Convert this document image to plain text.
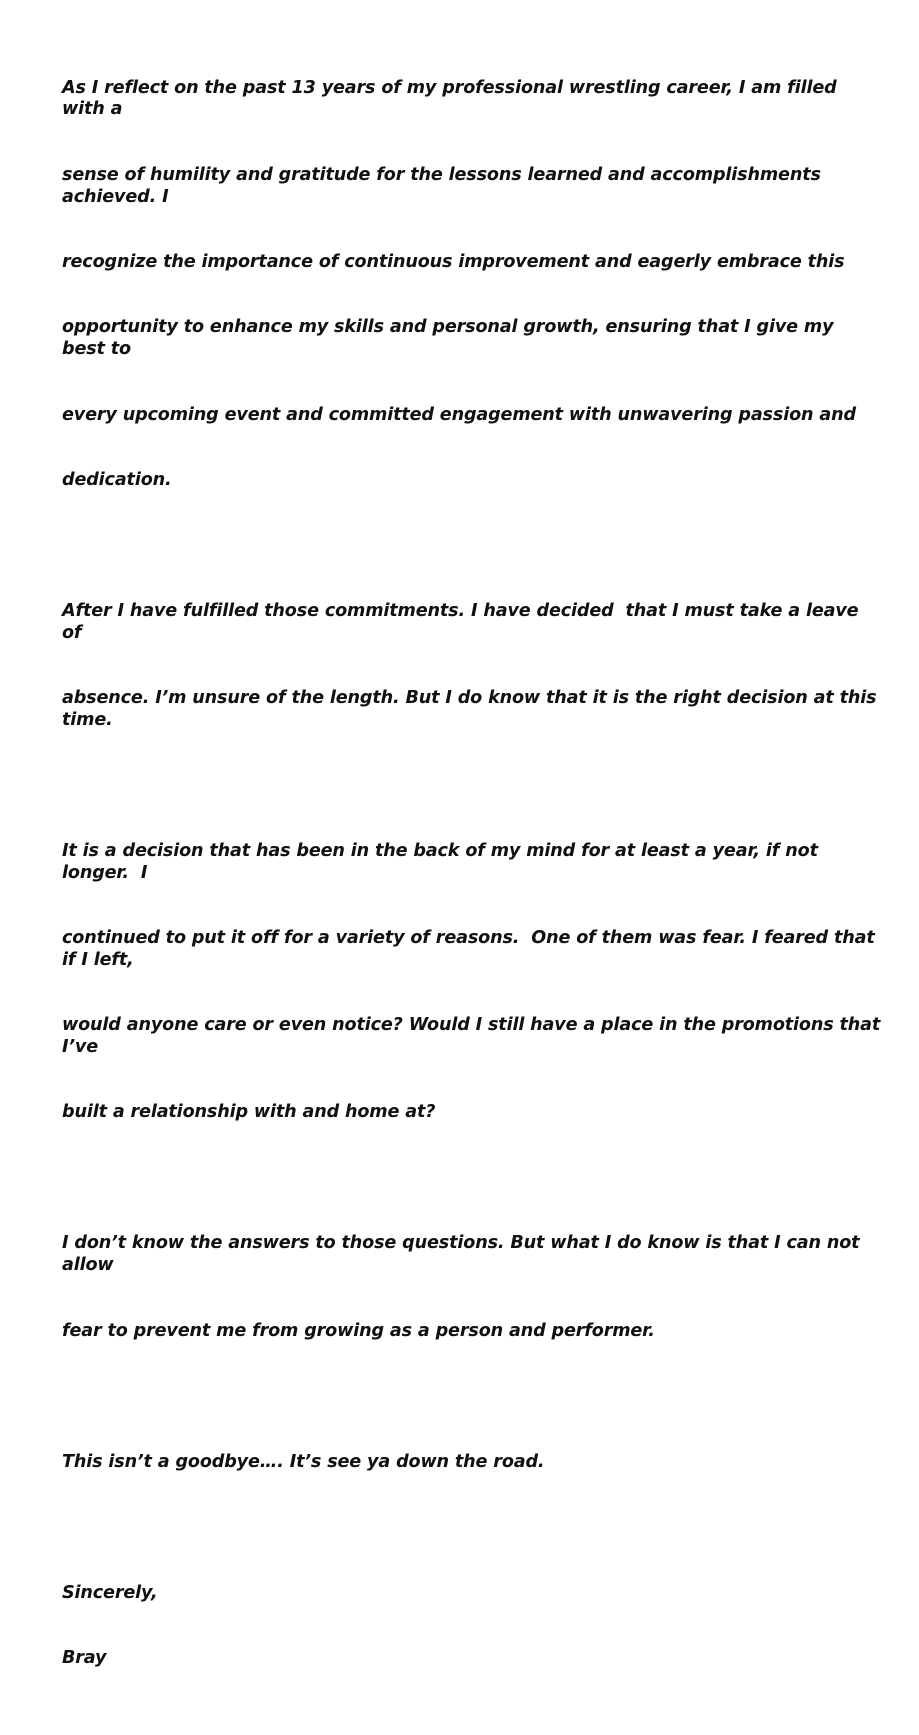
As I reflect on the past 13 years of my professional wrestling career, I am filled with a

sense of humility and gratitude for the lessons learned and accomplishments achieved. I

recognize the importance of continuous improvement and eagerly embrace this

opportunity to enhance my skills and personal growth, ensuring that I give my best to

every upcoming event and committed engagement with unwavering passion and

dedication.

After I have fulfilled those commitments. I have decided  that I must take a leave of

absence. I’m unsure of the length. But I do know that it is the right decision at this time.

It is a decision that has been in the back of my mind for at least a year, if not longer.  I

continued to put it off for a variety of reasons.  One of them was fear. I feared that if I left,

would anyone care or even notice? Would I still have a place in the promotions that I’ve

built a relationship with and home at?

I don’t know the answers to those questions. But what I do know is that I can not allow

fear to prevent me from growing as a person and performer.

This isn’t a goodbye…. It’s see ya down the road.

Sincerely,

Bray
